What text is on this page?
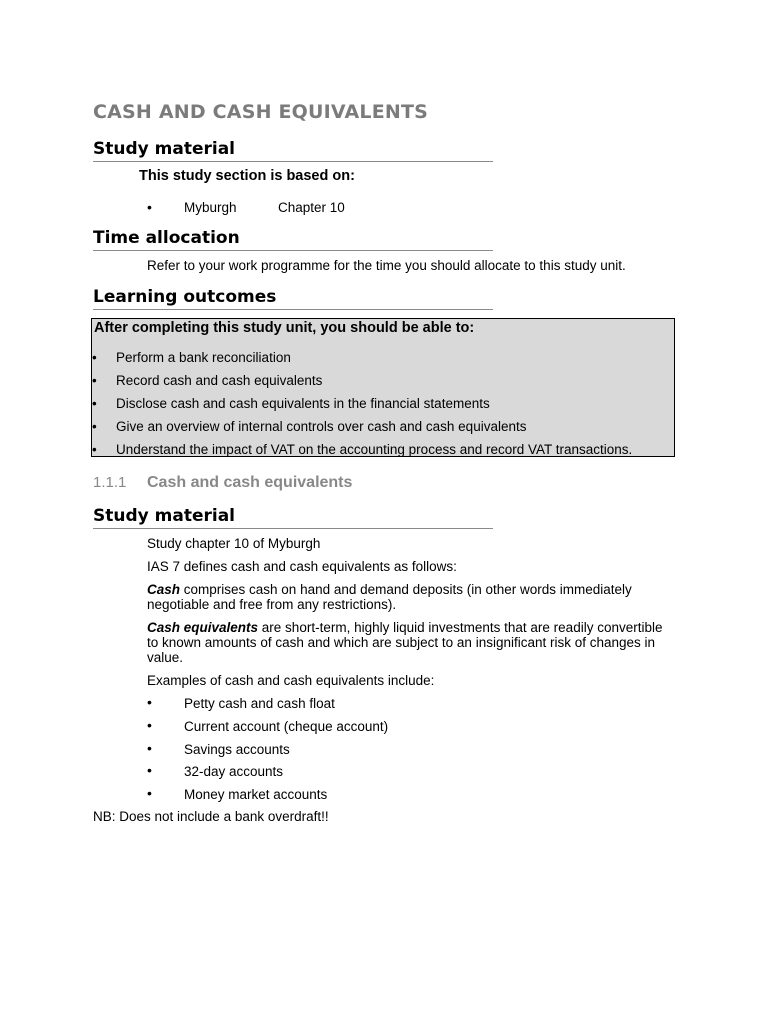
CASH AND CASH EQUIVALENTS
Study material
This study section is based on:
• Myburgh	Chapter 10
Time allocation
Refer to your work programme for the time you should allocate to this study unit.
Learning outcomes
After completing this study unit, you should be able to:
• Perform a bank reconciliation
• Record cash and cash equivalents
• Disclose cash and cash equivalents in the financial statements
• Give an overview of internal controls over cash and cash equivalents
• Understand the impact of VAT on the accounting process and record VAT transactions.
1.1.1 Cash and cash equivalents
Study material
Study chapter 10 of Myburgh
IAS 7 defines cash and cash equivalents as follows:
Cash comprises cash on hand and demand deposits (in other words immediately negotiable and free from any restrictions).
Cash equivalents are short-term, highly liquid investments that are readily convertible to known amounts of cash and which are subject to an insignificant risk of changes in value.
Examples of cash and cash equivalents include:
• Petty cash and cash float
• Current account (cheque account)
• Savings accounts
• 32-day accounts
• Money market accounts
NB: Does not include a bank overdraft!!
